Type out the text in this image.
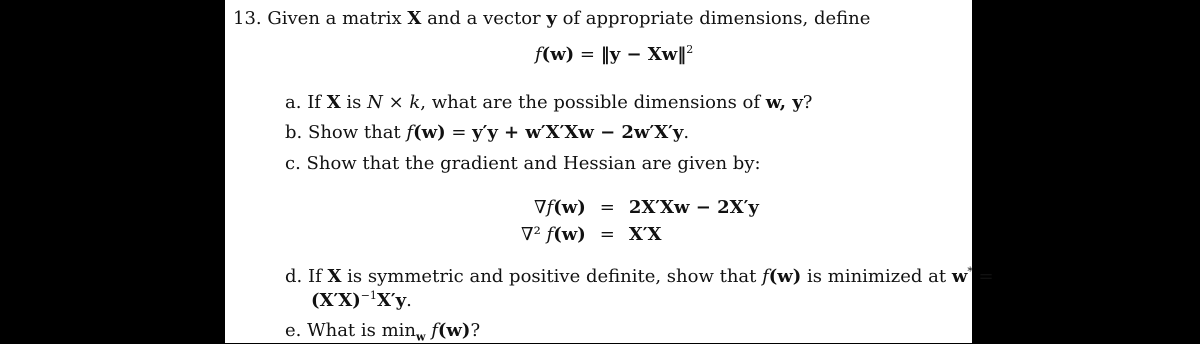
13. Given a matrix X and a vector y of appropriate dimensions, define
f(w) = ‖y − Xw‖$^2$
a. If X is N × k, what are the possible dimensions of w, y?
b. Show that f(w) = y′y + w′X′Xw − 2w′X′y.
c. Show that the gradient and Hessian are given by:
∇f(w)	=	2X′Xw − 2X′y
∇² f(w)	=	X′X
d. If X is symmetric and positive definite, show that f(w) is minimized at w* =
$(X'X)^{-1}X'y$.
e. What is $\min_w f(w)$?
